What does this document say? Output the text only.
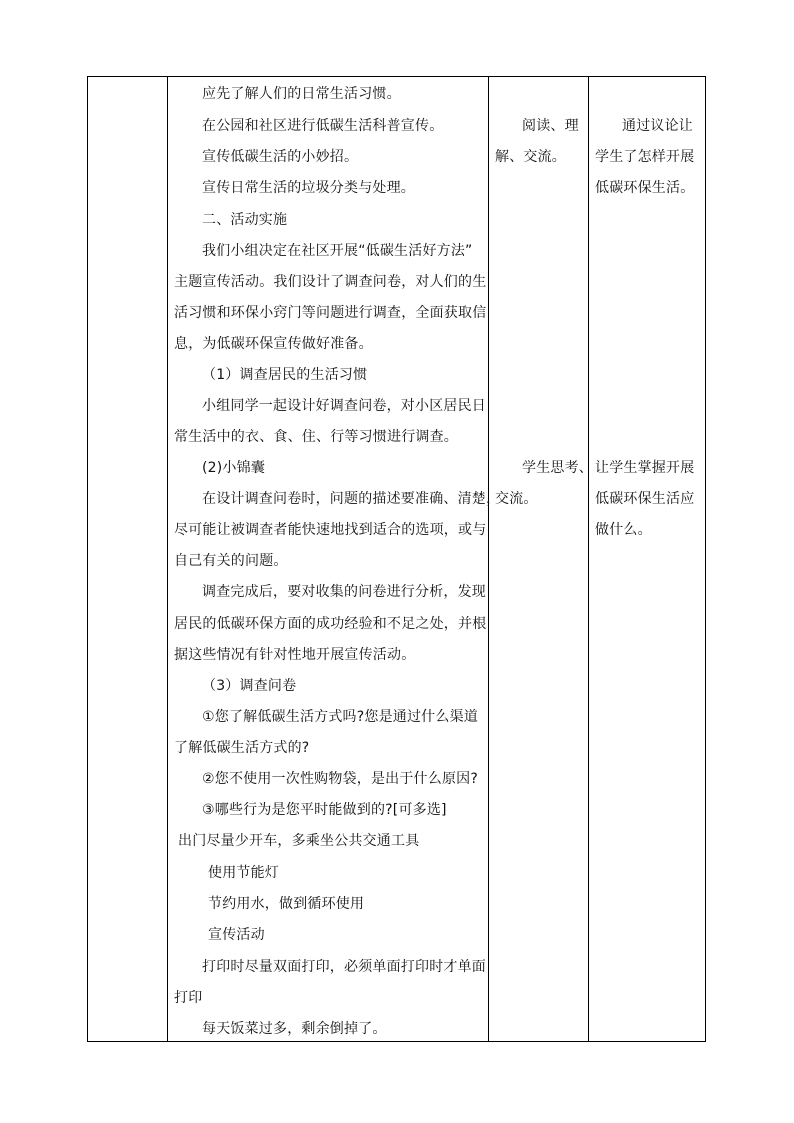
应先了解人们的日常生活习惯。
在公园和社区进行低碳生活科普宣传。
宣传低碳生活的小妙招。
宣传日常生活的垃圾分类与处理。
二、活动实施
我们小组决定在社区开展“低碳生活好方法”
主题宣传活动。我们设计了调查问卷，对人们的生
活习惯和环保小窍门等问题进行调查，全面获取信
息，为低碳环保宣传做好准备。
（1）调查居民的生活习惯
小组同学一起设计好调查问卷，对小区居民日
常生活中的衣、食、住、行等习惯进行调查。
(2)小锦囊
在设计调查问卷时，问题的描述要准确、清楚，
尽可能让被调查者能快速地找到适合的选项，或与
自己有关的问题。
调查完成后，要对收集的问卷进行分析，发现
居民的低碳环保方面的成功经验和不足之处，并根
据这些情况有针对性地开展宣传活动。
（3）调查问卷
①您了解低碳生活方式吗?您是通过什么渠道
了解低碳生活方式的?
②您不使用一次性购物袋，是出于什么原因?
③哪些行为是您平时能做到的?[可多选]
出门尽量少开车，多乘坐公共交通工具
使用节能灯
节约用水，做到循环使用
宣传活动
打印时尽量双面打印，必须单面打印时才单面
打印
每天饭菜过多，剩余倒掉了。
阅读、理
解、交流。
学生思考、
交流。
通过议论让
学生了怎样开展
低碳环保生活。
让学生掌握开展
低碳环保生活应
做什么。
